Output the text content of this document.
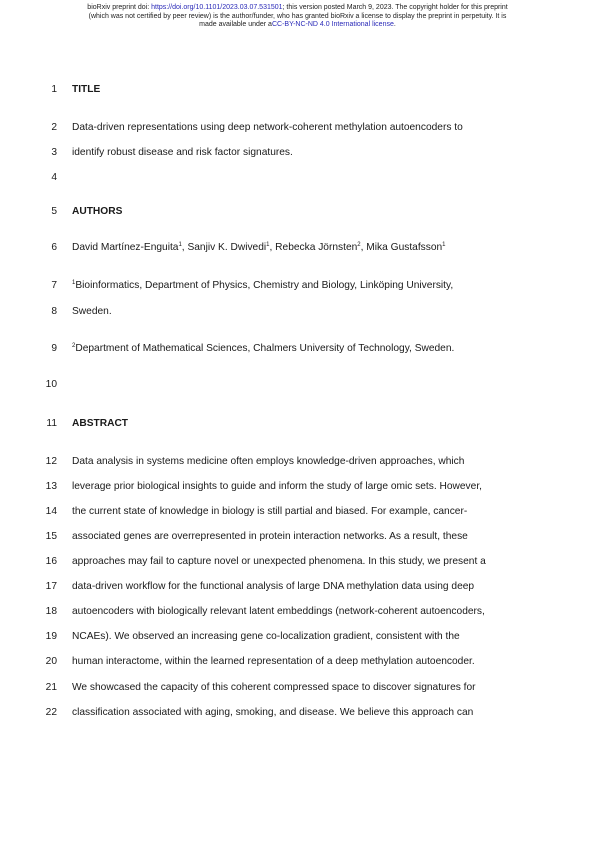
bioRxiv preprint doi: https://doi.org/10.1101/2023.03.07.531501; this version posted March 9, 2023. The copyright holder for this preprint
(which was not certified by peer review) is the author/funder, who has granted bioRxiv a license to display the preprint in perpetuity. It is
made available under aCC-BY-NC-ND 4.0 International license.
1 TITLE
2 Data-driven representations using deep network-coherent methylation autoencoders to
3 identify robust disease and risk factor signatures.
4
5 AUTHORS
6 David Martínez-Enguita$^1$, Sanjiv K. Dwivedi$^1$, Rebecka Jörnsten$^2$, Mika Gustafsson$^1$
7	$^1$Bioinformatics, Department of Physics, Chemistry and Biology, Linköping University,
8 Sweden.
9	$^2$Department of Mathematical Sciences, Chalmers University of Technology, Sweden.
10
11 ABSTRACT
12 Data analysis in systems medicine often employs knowledge-driven approaches, which
13 leverage prior biological insights to guide and inform the study of large omic sets. However,
14 the current state of knowledge in biology is still partial and biased. For example, cancer-
15 associated genes are overrepresented in protein interaction networks. As a result, these
16 approaches may fail to capture novel or unexpected phenomena. In this study, we present a
17 data-driven workflow for the functional analysis of large DNA methylation data using deep
18 autoencoders with biologically relevant latent embeddings (network-coherent autoencoders,
19 NCAEs). We observed an increasing gene co-localization gradient, consistent with the
20 human interactome, within the learned representation of a deep methylation autoencoder.
21 We showcased the capacity of this coherent compressed space to discover signatures for
22 classification associated with aging, smoking, and disease. We believe this approach can
